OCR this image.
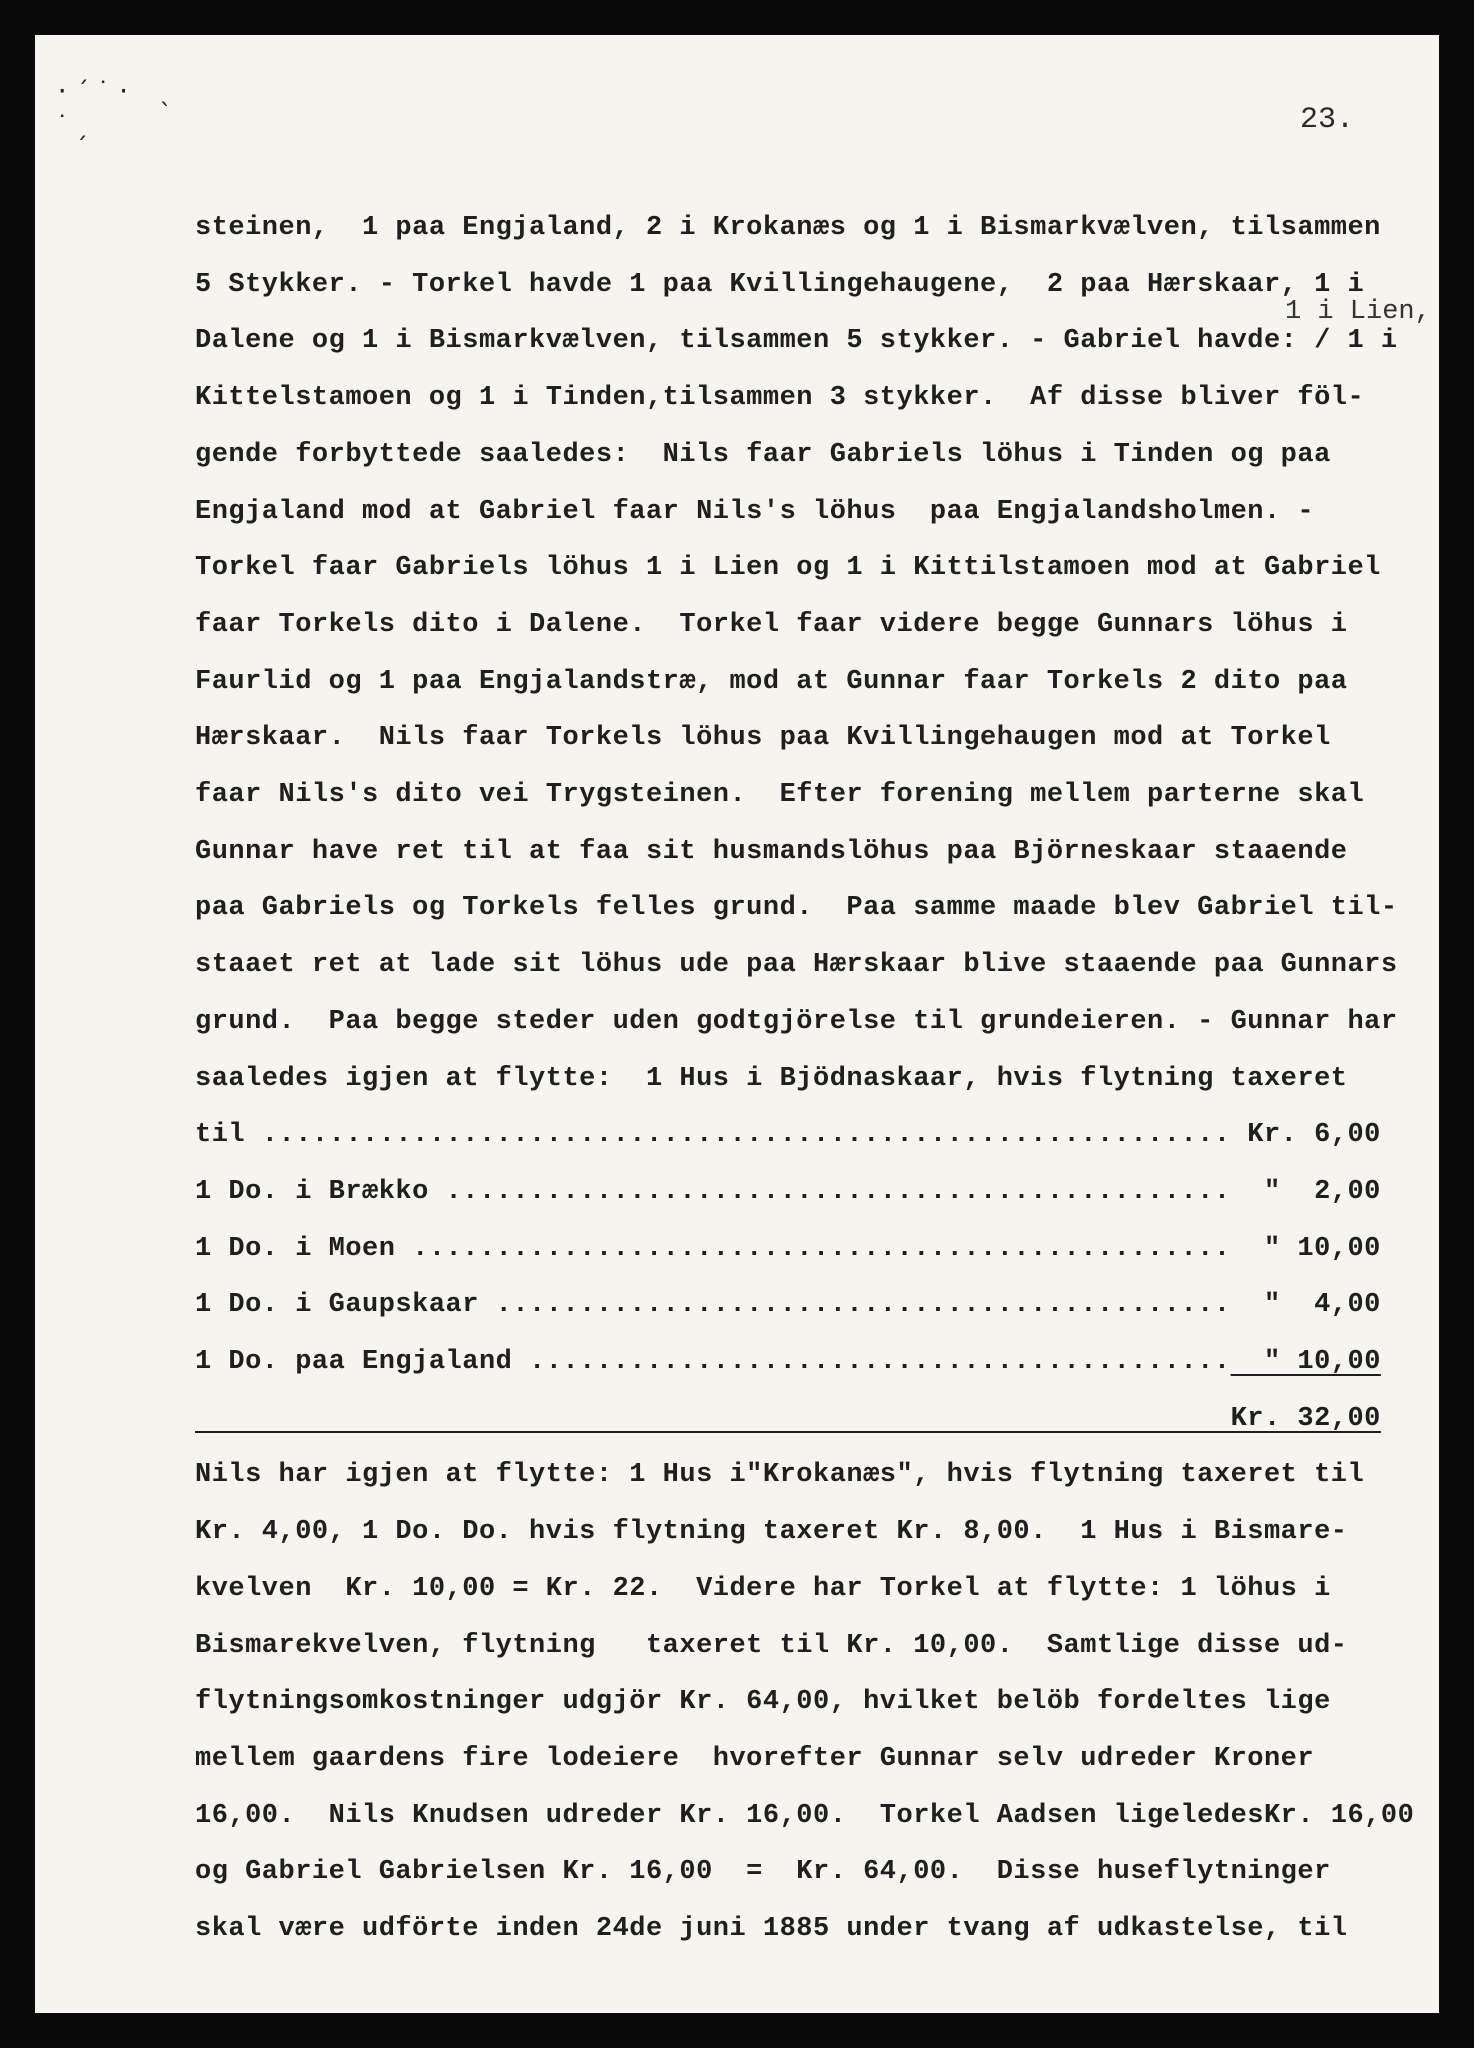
·´˙· ˎ
˙ˏ	23.
1 i Lien,
steinen,  1 paa Engjaland, 2 i Krokanæs og 1 i Bismarkvælven, tilsammen
5 Stykker. - Torkel havde 1 paa Kvillingehaugene,  2 paa Hærskaar, 1 i
Dalene og 1 i Bismarkvælven, tilsammen 5 stykker. - Gabriel havde: / 1 i
Kittelstamoen og 1 i Tinden,tilsammen 3 stykker.  Af disse bliver föl-
gende forbyttede saaledes:  Nils faar Gabriels löhus i Tinden og paa
Engjaland mod at Gabriel faar Nils's löhus  paa Engjalandsholmen. -
Torkel faar Gabriels löhus 1 i Lien og 1 i Kittilstamoen mod at Gabriel
faar Torkels dito i Dalene.  Torkel faar videre begge Gunnars löhus i
Faurlid og 1 paa Engjalandstræ, mod at Gunnar faar Torkels 2 dito paa
Hærskaar.  Nils faar Torkels löhus paa Kvillingehaugen mod at Torkel
faar Nils's dito vei Trygsteinen.  Efter forening mellem parterne skal
Gunnar have ret til at faa sit husmandslöhus paa Björneskaar staaende
paa Gabriels og Torkels felles grund.  Paa samme maade blev Gabriel til-
staaet ret at lade sit löhus ude paa Hærskaar blive staaende paa Gunnars
grund.  Paa begge steder uden godtgjörelse til grundeieren. - Gunnar har
saaledes igjen at flytte:  1 Hus i Bjödnaskaar, hvis flytning taxeret
til .......................................................... Kr. 6,00
1 Do. i Brækko ...............................................  "  2,00
1 Do. i Moen .................................................  " 10,00
1 Do. i Gaupskaar ............................................  "  4,00
1 Do. paa Engjaland ..........................................  " 10,00
Kr. 32,00
Nils har igjen at flytte: 1 Hus i"Krokanæs", hvis flytning taxeret til
Kr. 4,00, 1 Do. Do. hvis flytning taxeret Kr. 8,00.  1 Hus i Bismare-
kvelven  Kr. 10,00 = Kr. 22.  Videre har Torkel at flytte: 1 löhus i
Bismarekvelven, flytning   taxeret til Kr. 10,00.  Samtlige disse ud-
flytningsomkostninger udgjör Kr. 64,00, hvilket belöb fordeltes lige
mellem gaardens fire lodeiere  hvorefter Gunnar selv udreder Kroner
16,00.  Nils Knudsen udreder Kr. 16,00.  Torkel Aadsen ligeledesKr. 16,00
og Gabriel Gabrielsen Kr. 16,00  =  Kr. 64,00.  Disse huseflytninger
skal være udförte inden 24de juni 1885 under tvang af udkastelse, til
